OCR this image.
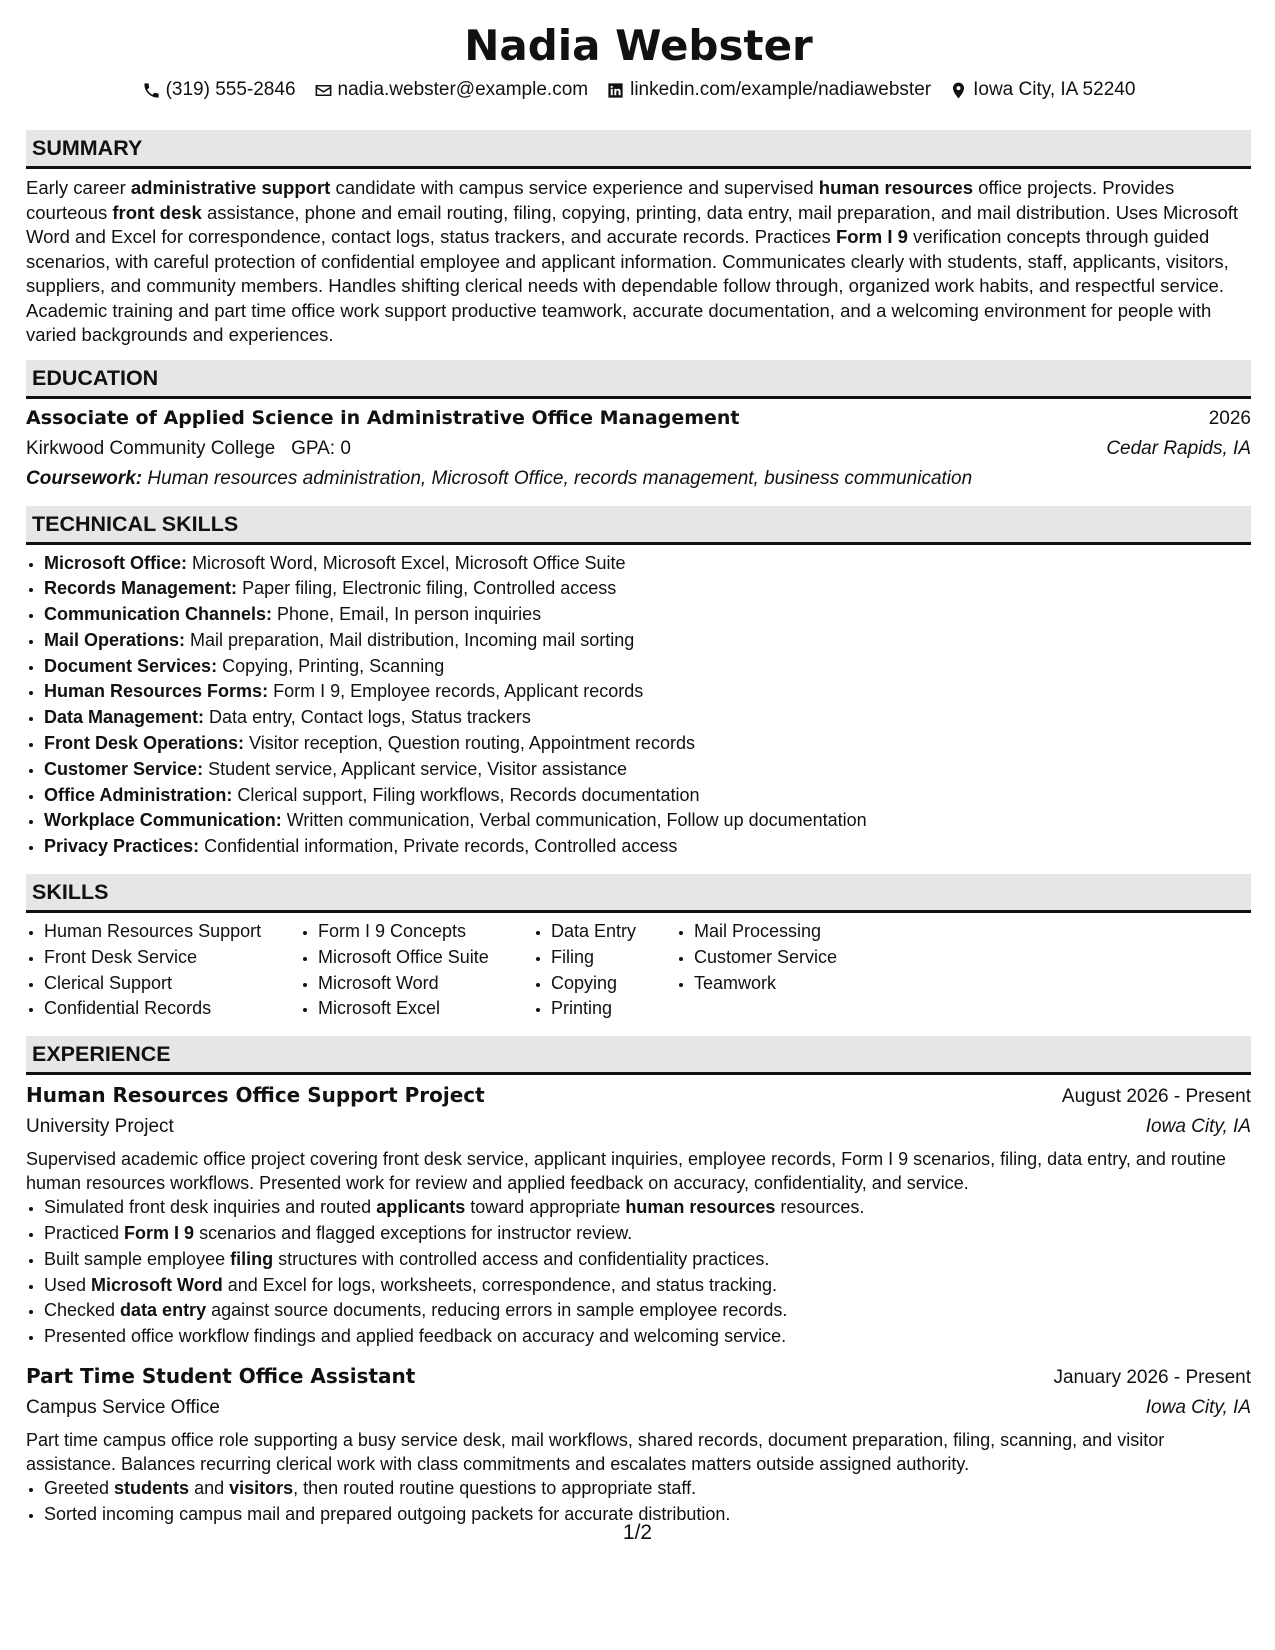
Nadia Webster
(319) 555-2846 nadia.webster@example.com linkedin.com/example/nadiawebster Iowa City, IA 52240
SUMMARY

Early career administrative support candidate with campus service experience and supervised human resources office projects. Provides courteous front desk assistance, phone and email routing, filing, copying, printing, data entry, mail preparation, and mail distribution. Uses Microsoft Word and Excel for correspondence, contact logs, status trackers, and accurate records. Practices Form I 9 verification concepts through guided scenarios, with careful protection of confidential employee and applicant information. Communicates clearly with students, staff, applicants, visitors, suppliers, and community members. Handles shifting clerical needs with dependable follow through, organized work habits, and respectful service. Academic training and part time office work support productive teamwork, accurate documentation, and a welcoming environment for people with varied backgrounds and experiences.

EDUCATION
Associate of Applied Science in Administrative Office Management	2026
Kirkwood Community College GPA: 0	Cedar Rapids, IA
Coursework: Human resources administration, Microsoft Office, records management, business communication
TECHNICAL SKILLS
• Microsoft Office: Microsoft Word, Microsoft Excel, Microsoft Office Suite
• Records Management: Paper filing, Electronic filing, Controlled access
• Communication Channels: Phone, Email, In person inquiries
• Mail Operations: Mail preparation, Mail distribution, Incoming mail sorting
• Document Services: Copying, Printing, Scanning
• Human Resources Forms: Form I 9, Employee records, Applicant records
• Data Management: Data entry, Contact logs, Status trackers
• Front Desk Operations: Visitor reception, Question routing, Appointment records
• Customer Service: Student service, Applicant service, Visitor assistance
• Office Administration: Clerical support, Filing workflows, Records documentation
• Workplace Communication: Written communication, Verbal communication, Follow up documentation
• Privacy Practices: Confidential information, Private records, Controlled access
SKILLS
• Human Resources Support
• Front Desk Service
• Clerical Support
• Confidential Records
• Form I 9 Concepts
• Microsoft Office Suite
• Microsoft Word
• Microsoft Excel
• Data Entry
• Filing
• Copying
• Printing
• Mail Processing
• Customer Service
• Teamwork
EXPERIENCE
Human Resources Office Support Project	August 2026 - Present
University Project	Iowa City, IA

Supervised academic office project covering front desk service, applicant inquiries, employee records, Form I 9 scenarios, filing, data entry, and routine human resources workflows. Presented work for review and applied feedback on accuracy, confidentiality, and service.

• Simulated front desk inquiries and routed applicants toward appropriate human resources resources.
• Practiced Form I 9 scenarios and flagged exceptions for instructor review.
• Built sample employee filing structures with controlled access and confidentiality practices.
• Used Microsoft Word and Excel for logs, worksheets, correspondence, and status tracking.
• Checked data entry against source documents, reducing errors in sample employee records.
• Presented office workflow findings and applied feedback on accuracy and welcoming service.
Part Time Student Office Assistant	January 2026 - Present
Campus Service Office	Iowa City, IA

Part time campus office role supporting a busy service desk, mail workflows, shared records, document preparation, filing, scanning, and visitor assistance. Balances recurring clerical work with class commitments and escalates matters outside assigned authority.

• Greeted students and visitors, then routed routine questions to appropriate staff.
• Sorted incoming campus mail and prepared outgoing packets for accurate distribution.
1/2
